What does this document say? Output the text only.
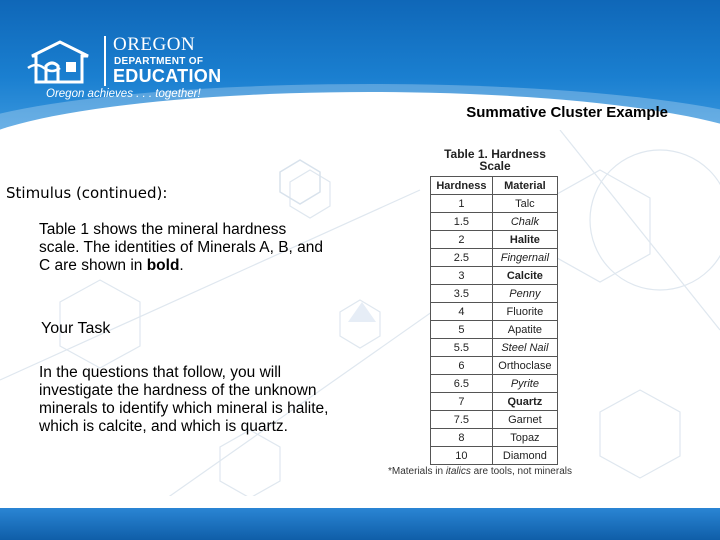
OREGON
DEPARTMENT OF
EDUCATION
Oregon achieves . . . together!
Summative Cluster Example
Stimulus (continued):
Table 1 shows the mineral hardness scale. The identities of Minerals A, B, and C are shown in bold.
Your Task
In the questions that follow, you will investigate the hardness of the unknown minerals to identify which mineral is halite, which is calcite, and which is quartz.
Table 1. Hardness
Scale
Hardness	Material
1	Talc
1.5	Chalk
2	Halite
2.5	Fingernail
3	Calcite
3.5	Penny
4	Fluorite
5	Apatite
5.5	Steel Nail
6	Orthoclase
6.5	Pyrite
7	Quartz
7.5	Garnet
8	Topaz
10	Diamond
*Materials in italics are tools, not minerals
